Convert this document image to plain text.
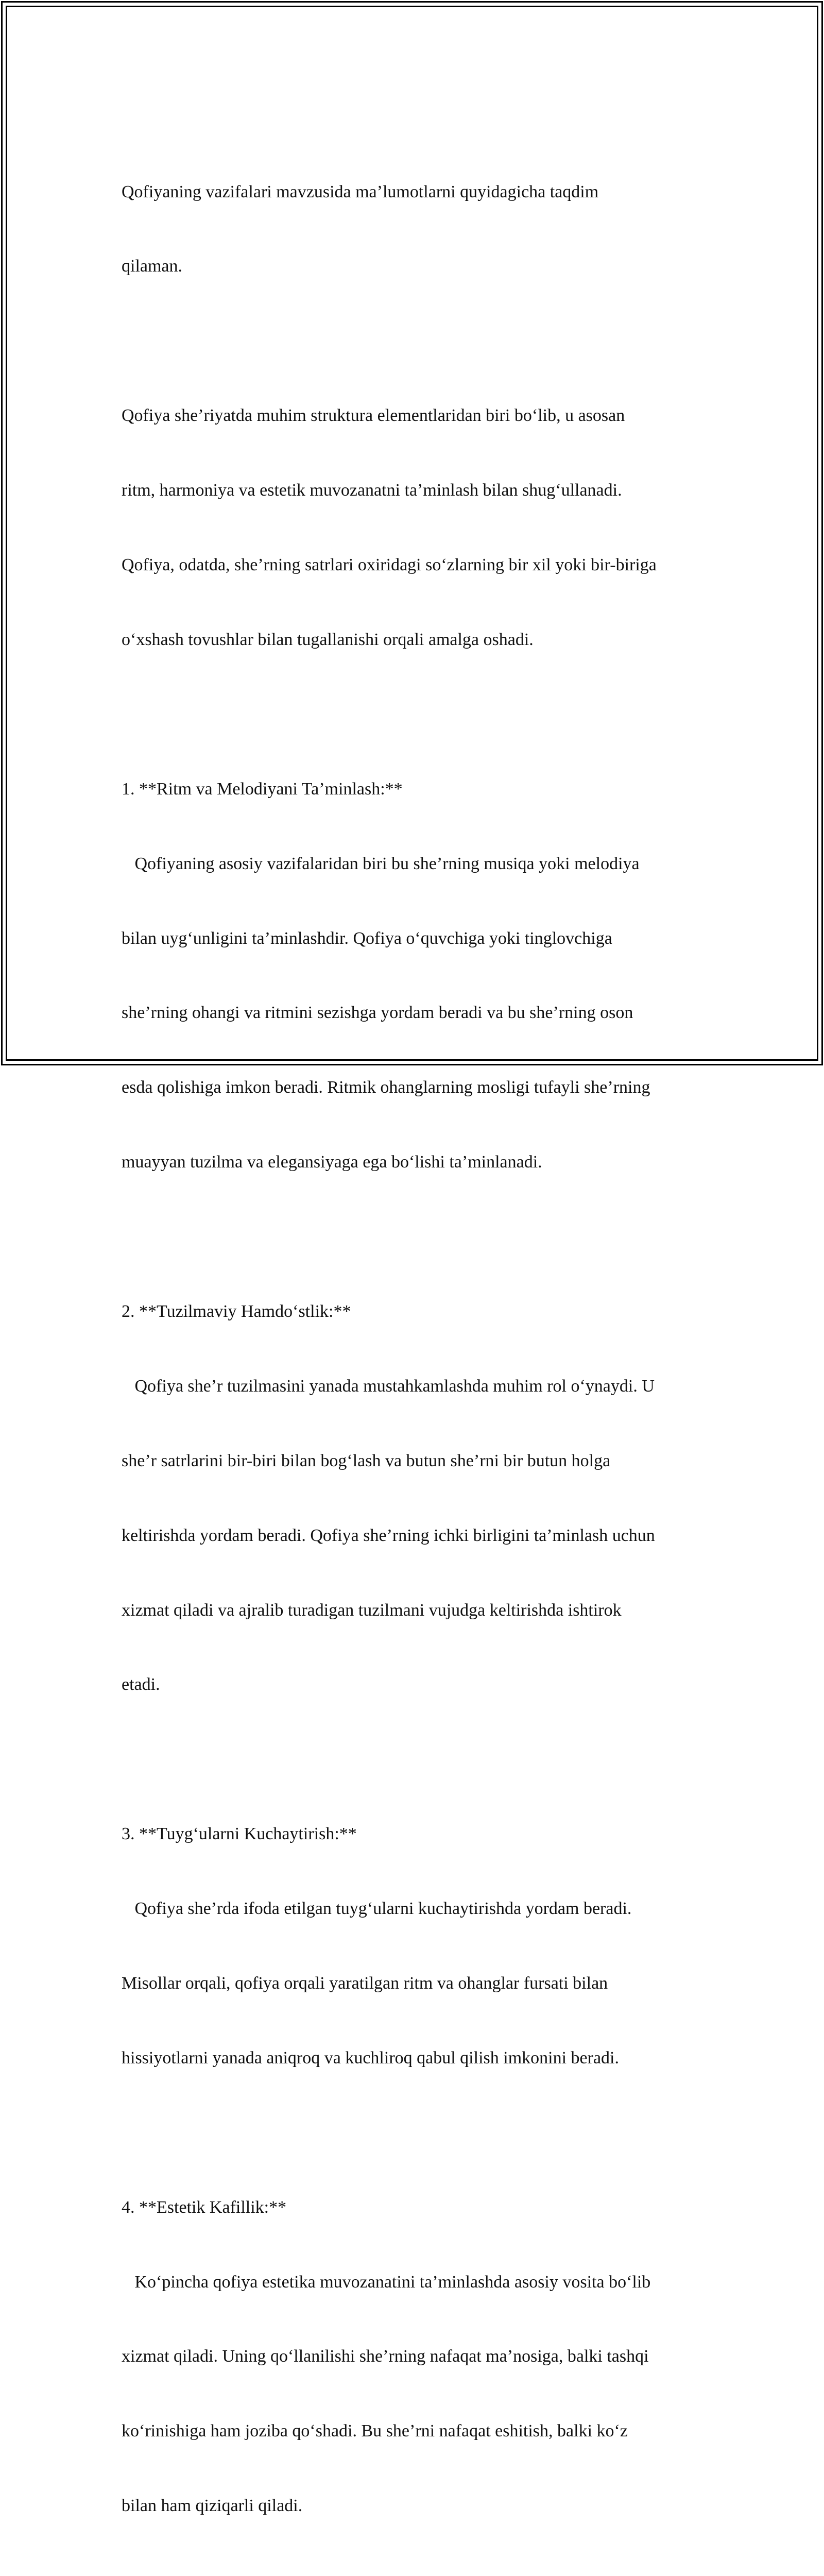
Qofiyaning vazifalari mavzusida ma’lumotlarni quyidagicha taqdim

qilaman.

Qofiya she’riyatda muhim struktura elementlaridan biri bo‘lib, u asosan

ritm, harmoniya va estetik muvozanatni ta’minlash bilan shug‘ullanadi.

Qofiya, odatda, she’rning satrlari oxiridagi so‘zlarning bir xil yoki bir-biriga

o‘xshash tovushlar bilan tugallanishi orqali amalga oshadi.

1. **Ritm va Melodiyani Ta’minlash:**

Qofiyaning asosiy vazifalaridan biri bu she’rning musiqa yoki melodiya

bilan uyg‘unligini ta’minlashdir. Qofiya o‘quvchiga yoki tinglovchiga

she’rning ohangi va ritmini sezishga yordam beradi va bu she’rning oson

esda qolishiga imkon beradi. Ritmik ohanglarning mosligi tufayli she’rning

muayyan tuzilma va elegansiyaga ega bo‘lishi ta’minlanadi.

2. **Tuzilmaviy Hamdo‘stlik:**

Qofiya she’r tuzilmasini yanada mustahkamlashda muhim rol o‘ynaydi. U

she’r satrlarini bir-biri bilan bog‘lash va butun she’rni bir butun holga

keltirishda yordam beradi. Qofiya she’rning ichki birligini ta’minlash uchun

xizmat qiladi va ajralib turadigan tuzilmani vujudga keltirishda ishtirok

etadi.

3. **Tuyg‘ularni Kuchaytirish:**

Qofiya she’rda ifoda etilgan tuyg‘ularni kuchaytirishda yordam beradi.

Misollar orqali, qofiya orqali yaratilgan ritm va ohanglar fursati bilan

hissiyotlarni yanada aniqroq va kuchliroq qabul qilish imkonini beradi.

4. **Estetik Kafillik:**

Ko‘pincha qofiya estetika muvozanatini ta’minlashda asosiy vosita bo‘lib

xizmat qiladi. Uning qo‘llanilishi she’rning nafaqat ma’nosiga, balki tashqi

ko‘rinishiga ham joziba qo‘shadi. Bu she’rni nafaqat eshitish, balki ko‘z

bilan ham qiziqarli qiladi.
